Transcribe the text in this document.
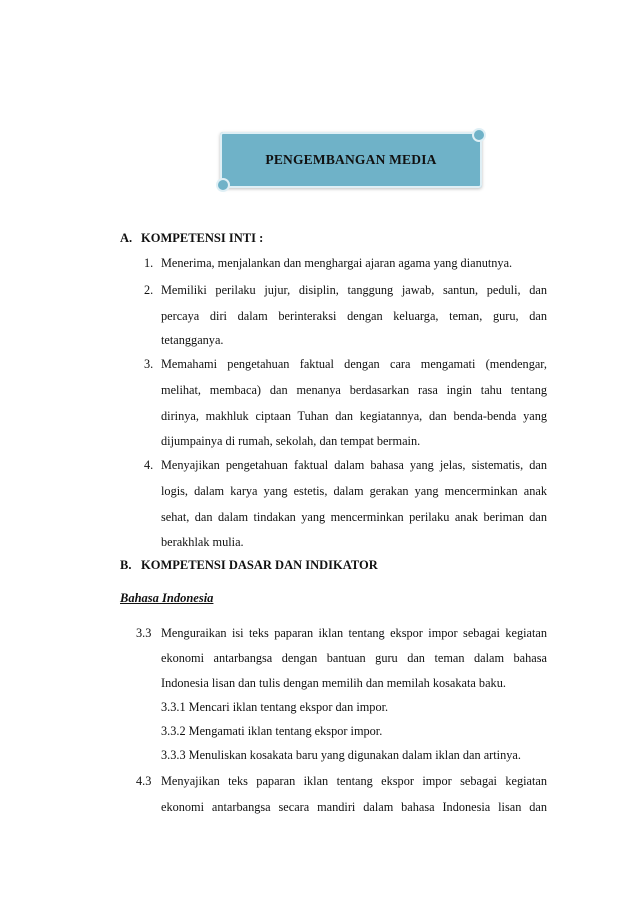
PENGEMBANGAN MEDIA
A. KOMPETENSI INTI :
1. Menerima, menjalankan dan menghargai ajaran agama yang dianutnya.
2. Memiliki perilaku jujur, disiplin, tanggung jawab, santun, peduli, dan
percaya diri dalam berinteraksi dengan keluarga, teman, guru, dan
tetangganya.
3. Memahami pengetahuan faktual dengan cara mengamati (mendengar,
melihat, membaca) dan menanya berdasarkan rasa ingin tahu tentang
dirinya, makhluk ciptaan Tuhan dan kegiatannya, dan benda-benda yang
dijumpainya di rumah, sekolah, dan tempat bermain.
4. Menyajikan pengetahuan faktual dalam bahasa yang jelas, sistematis, dan
logis, dalam karya yang estetis, dalam gerakan yang mencerminkan anak
sehat, dan dalam tindakan yang mencerminkan perilaku anak beriman dan
berakhlak mulia.
B. KOMPETENSI DASAR DAN INDIKATOR
Bahasa Indonesia
3.3 Menguraikan isi teks paparan iklan tentang ekspor impor sebagai kegiatan
ekonomi antarbangsa dengan bantuan guru dan teman dalam bahasa
Indonesia lisan dan tulis dengan memilih dan memilah kosakata baku.
3.3.1 Mencari iklan tentang ekspor dan impor.
3.3.2 Mengamati iklan tentang ekspor impor.
3.3.3 Menuliskan kosakata baru yang digunakan dalam iklan dan artinya.
4.3 Menyajikan teks paparan iklan tentang ekspor impor sebagai kegiatan
ekonomi antarbangsa secara mandiri dalam bahasa Indonesia lisan dan
